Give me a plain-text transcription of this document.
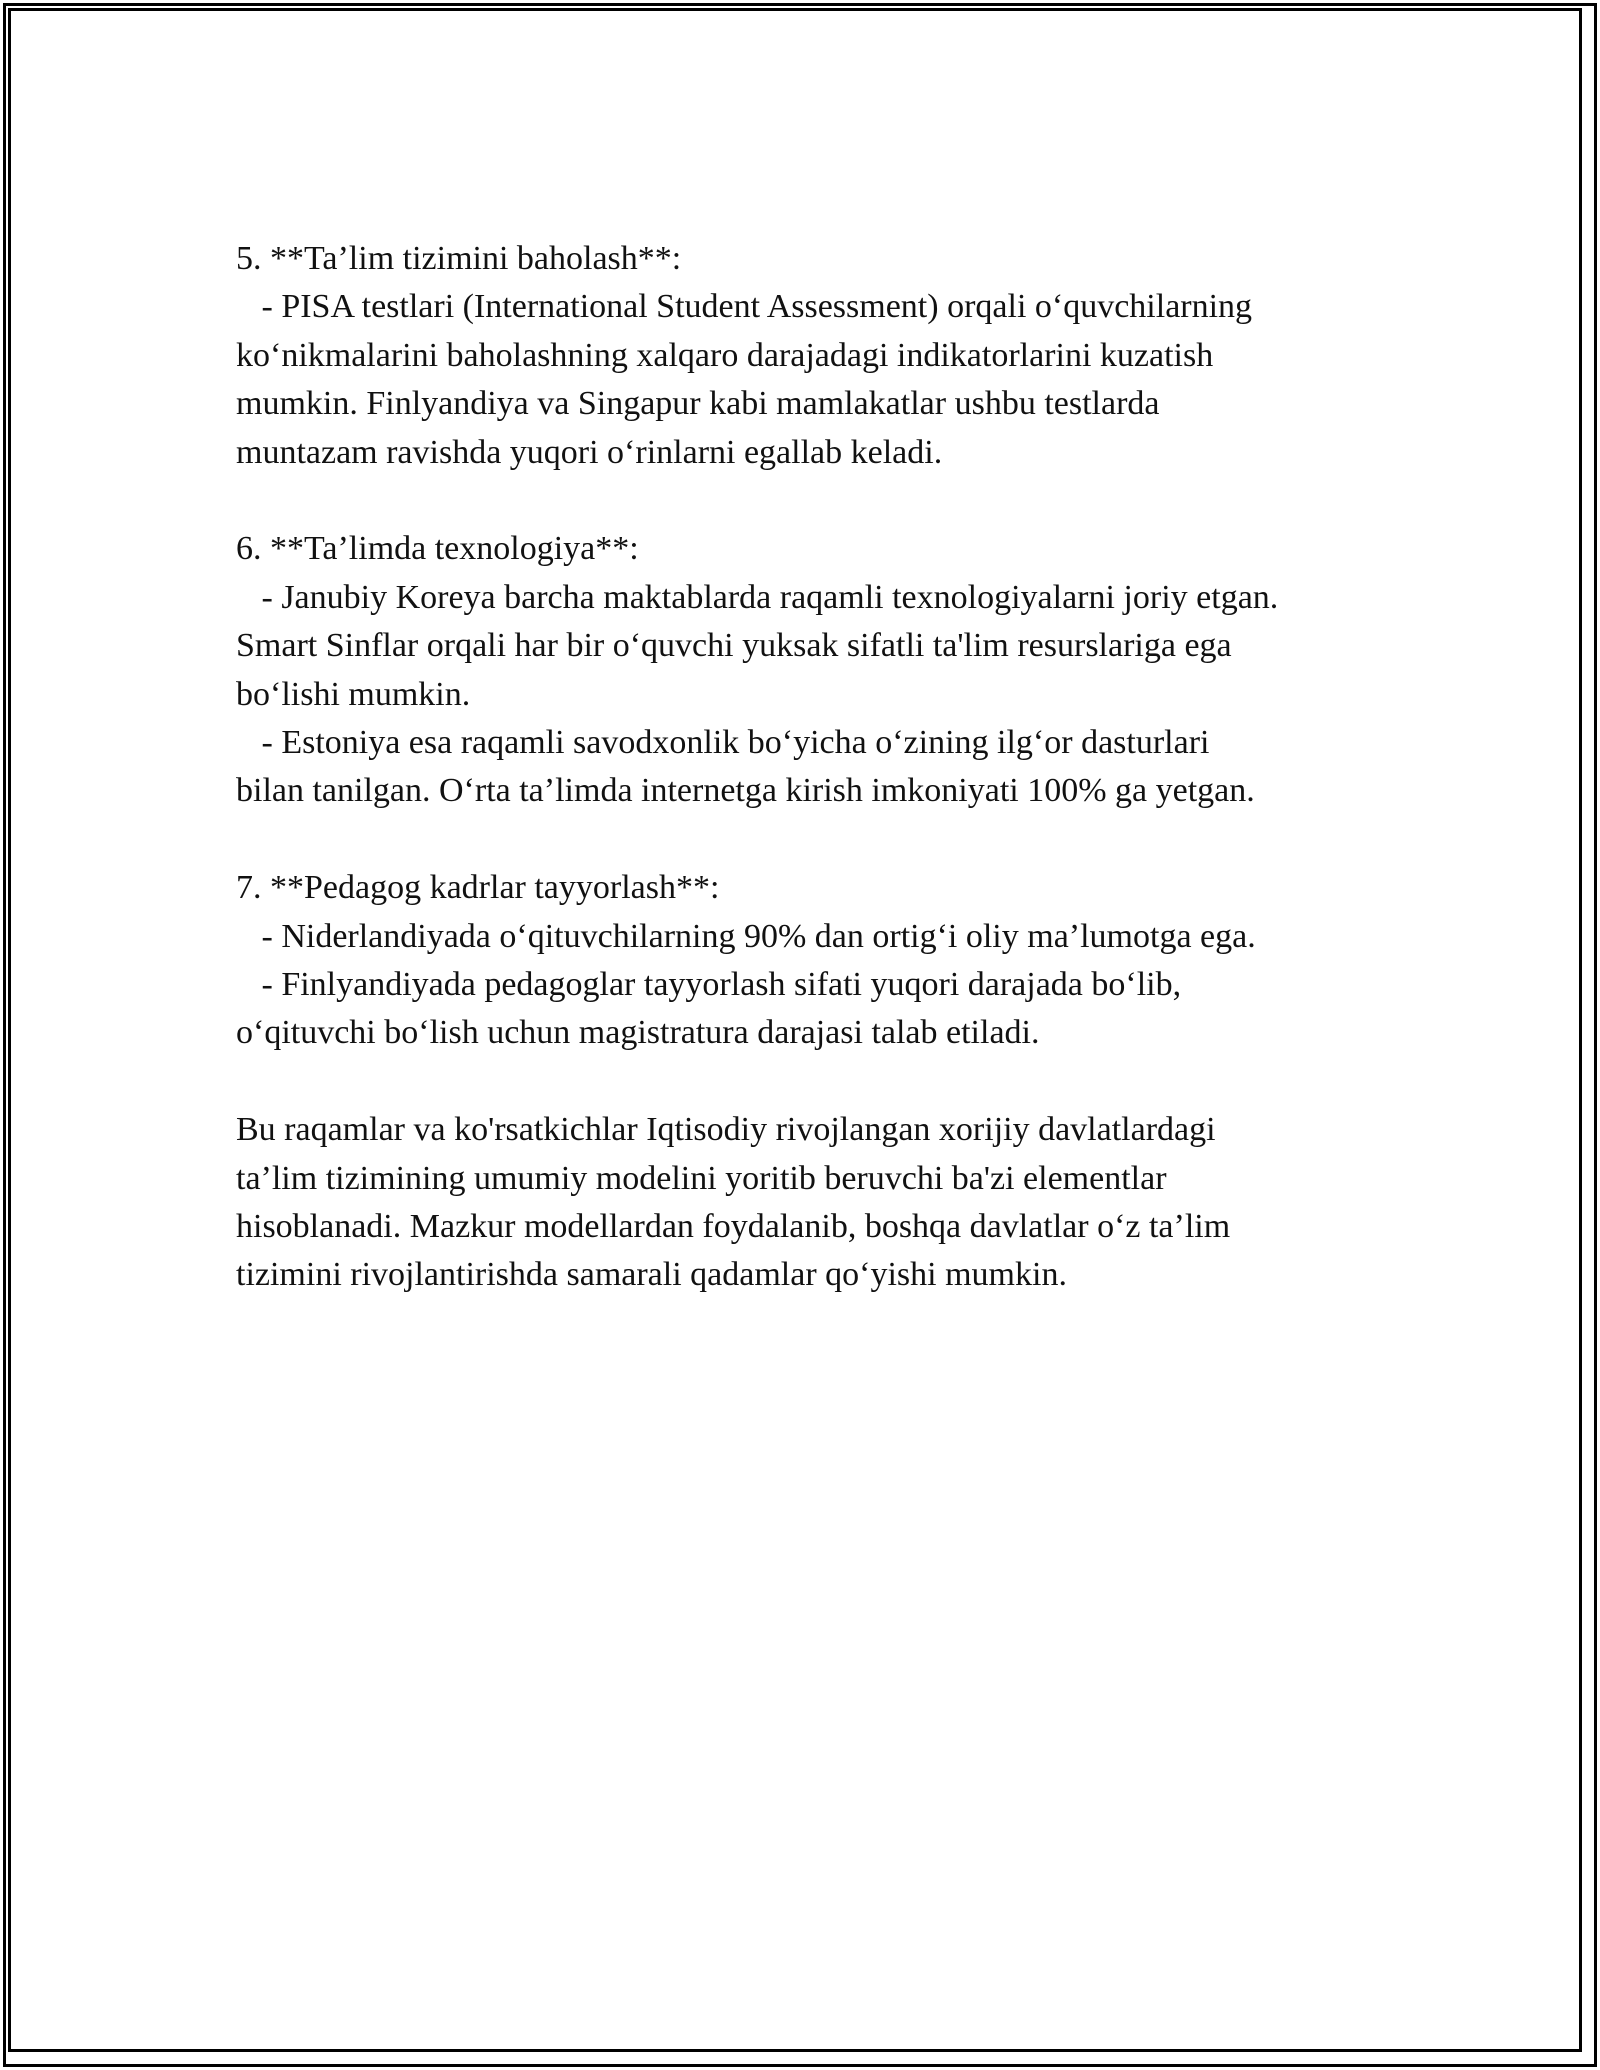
5. **Ta’lim tizimini baholash**:
- PISA testlari (International Student Assessment) orqali o‘quvchilarning
ko‘nikmalarini baholashning xalqaro darajadagi indikatorlarini kuzatish
mumkin. Finlyandiya va Singapur kabi mamlakatlar ushbu testlarda
muntazam ravishda yuqori o‘rinlarni egallab keladi.
6. **Ta’limda texnologiya**:
- Janubiy Koreya barcha maktablarda raqamli texnologiyalarni joriy etgan.
Smart Sinflar orqali har bir o‘quvchi yuksak sifatli ta'lim resurslariga ega
bo‘lishi mumkin.
- Estoniya esa raqamli savodxonlik bo‘yicha o‘zining ilg‘or dasturlari
bilan tanilgan. O‘rta ta’limda internetga kirish imkoniyati 100% ga yetgan.
7. **Pedagog kadrlar tayyorlash**:
- Niderlandiyada o‘qituvchilarning 90% dan ortig‘i oliy ma’lumotga ega.
- Finlyandiyada pedagoglar tayyorlash sifati yuqori darajada bo‘lib,
o‘qituvchi bo‘lish uchun magistratura darajasi talab etiladi.
Bu raqamlar va ko'rsatkichlar Iqtisodiy rivojlangan xorijiy davlatlardagi
ta’lim tizimining umumiy modelini yoritib beruvchi ba'zi elementlar
hisoblanadi. Mazkur modellardan foydalanib, boshqa davlatlar o‘z ta’lim
tizimini rivojlantirishda samarali qadamlar qo‘yishi mumkin.
